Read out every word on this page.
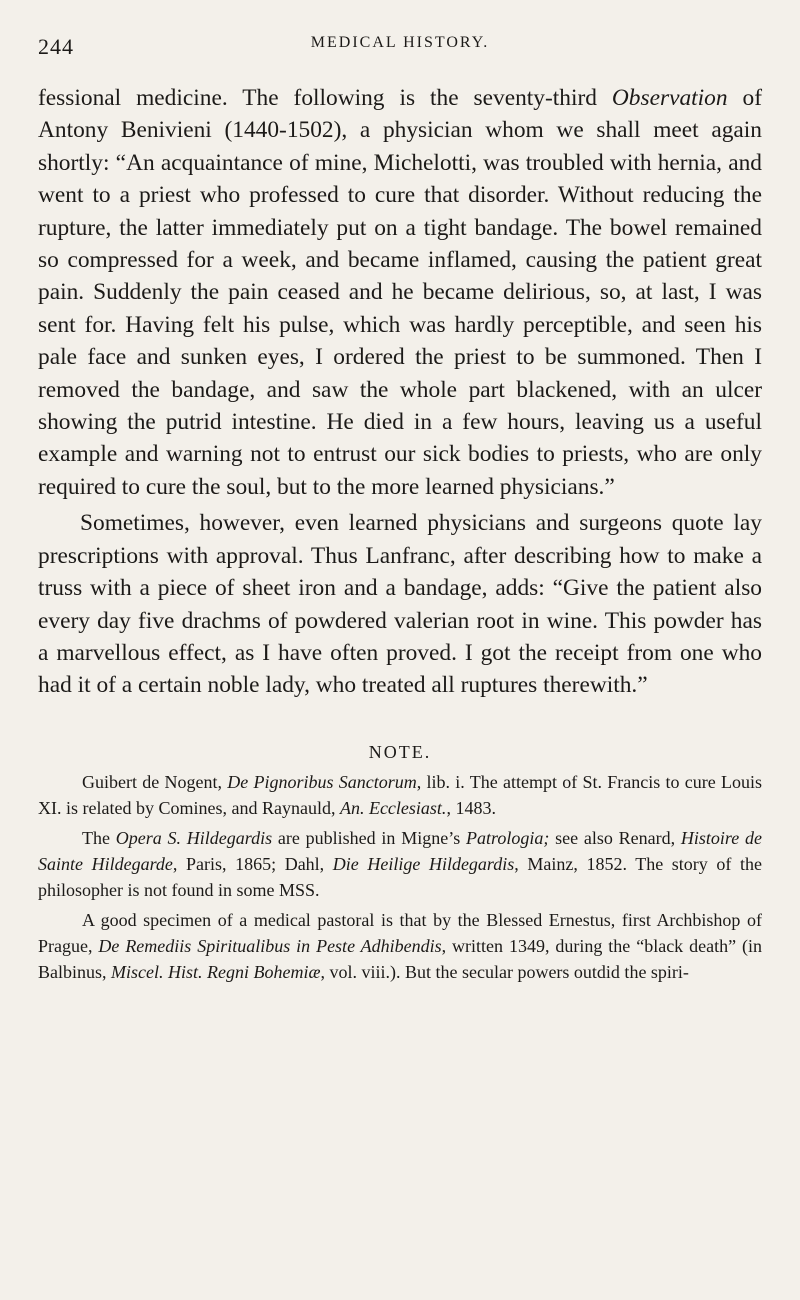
244	MEDICAL HISTORY.

fessional medicine. The following is the seventy-third Observation of Antony Benivieni (1440-1502), a physician whom we shall meet again shortly: “An acquaintance of mine, Michelotti, was troubled with hernia, and went to a priest who professed to cure that disorder. Without reducing the rupture, the latter immediately put on a tight bandage. The bowel remained so compressed for a week, and became inflamed, causing the patient great pain. Suddenly the pain ceased and he became delirious, so, at last, I was sent for. Having felt his pulse, which was hardly perceptible, and seen his pale face and sunken eyes, I ordered the priest to be summoned. Then I removed the bandage, and saw the whole part blackened, with an ulcer showing the putrid intestine. He died in a few hours, leaving us a useful example and warning not to entrust our sick bodies to priests, who are only required to cure the soul, but to the more learned physicians.”

Sometimes, however, even learned physicians and surgeons quote lay prescriptions with approval. Thus Lanfranc, after describing how to make a truss with a piece of sheet iron and a bandage, adds: “Give the patient also every day five drachms of powdered valerian root in wine. This powder has a marvellous effect, as I have often proved. I got the receipt from one who had it of a certain noble lady, who treated all ruptures therewith.”

NOTE.

Guibert de Nogent, De Pignoribus Sanctorum, lib. i. The attempt of St. Francis to cure Louis XI. is related by Comines, and Raynauld, An. Ecclesiast., 1483.

The Opera S. Hildegardis are published in Migne’s Patrologia; see also Renard, Histoire de Sainte Hildegarde, Paris, 1865; Dahl, Die Heilige Hildegardis, Mainz, 1852. The story of the philosopher is not found in some MSS.

A good specimen of a medical pastoral is that by the Blessed Ernestus, first Archbishop of Prague, De Remediis Spiritualibus in Peste Adhibendis, written 1349, during the “black death” (in Balbinus, Miscel. Hist. Regni Bohemiæ, vol. viii.). But the secular powers outdid the spiri-
